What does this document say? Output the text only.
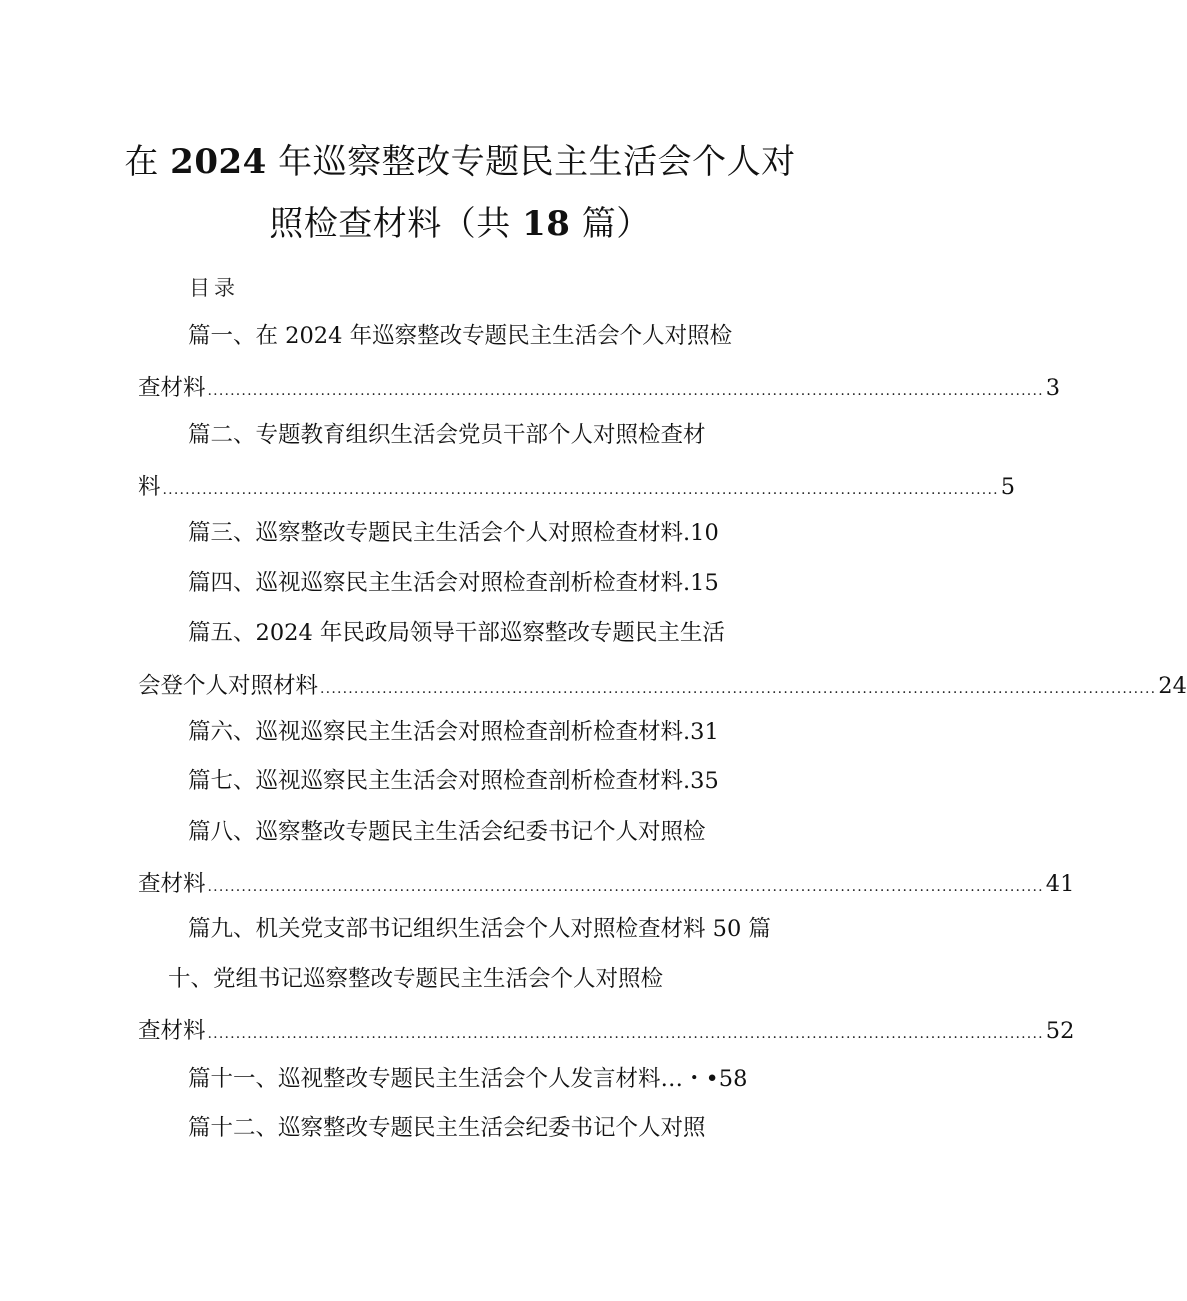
在 2024 年巡察整改专题民主生活会个人对
照检查材料（共 18 篇）
目录
篇一、在 2024 年巡察整改专题民主生活会个人对照检
查材料 .................................................................................................................................................... 3
篇二、专题教育组织生活会党员干部个人对照检查材
料 .................................................................................................................................................... 5
篇三、巡察整改专题民主生活会个人对照检查材料.10
篇四、巡视巡察民主生活会对照检查剖析检查材料.15
篇五、2024 年民政局领导干部巡察整改专题民主生活
会登个人对照材料 .................................................................................................................................................... 24
篇六、巡视巡察民主生活会对照检查剖析检查材料.31
篇七、巡视巡察民主生活会对照检查剖析检查材料.35
篇八、巡察整改专题民主生活会纪委书记个人对照检
查材料 .................................................................................................................................................... 41
篇九、机关党支部书记组织生活会个人对照检查材料 50 篇
十、党组书记巡察整改专题民主生活会个人对照检
查材料 .................................................................................................................................................... 52
篇十一、巡视整改专题民主生活会个人发言材料…・•58
篇十二、巡察整改专题民主生活会纪委书记个人对照
